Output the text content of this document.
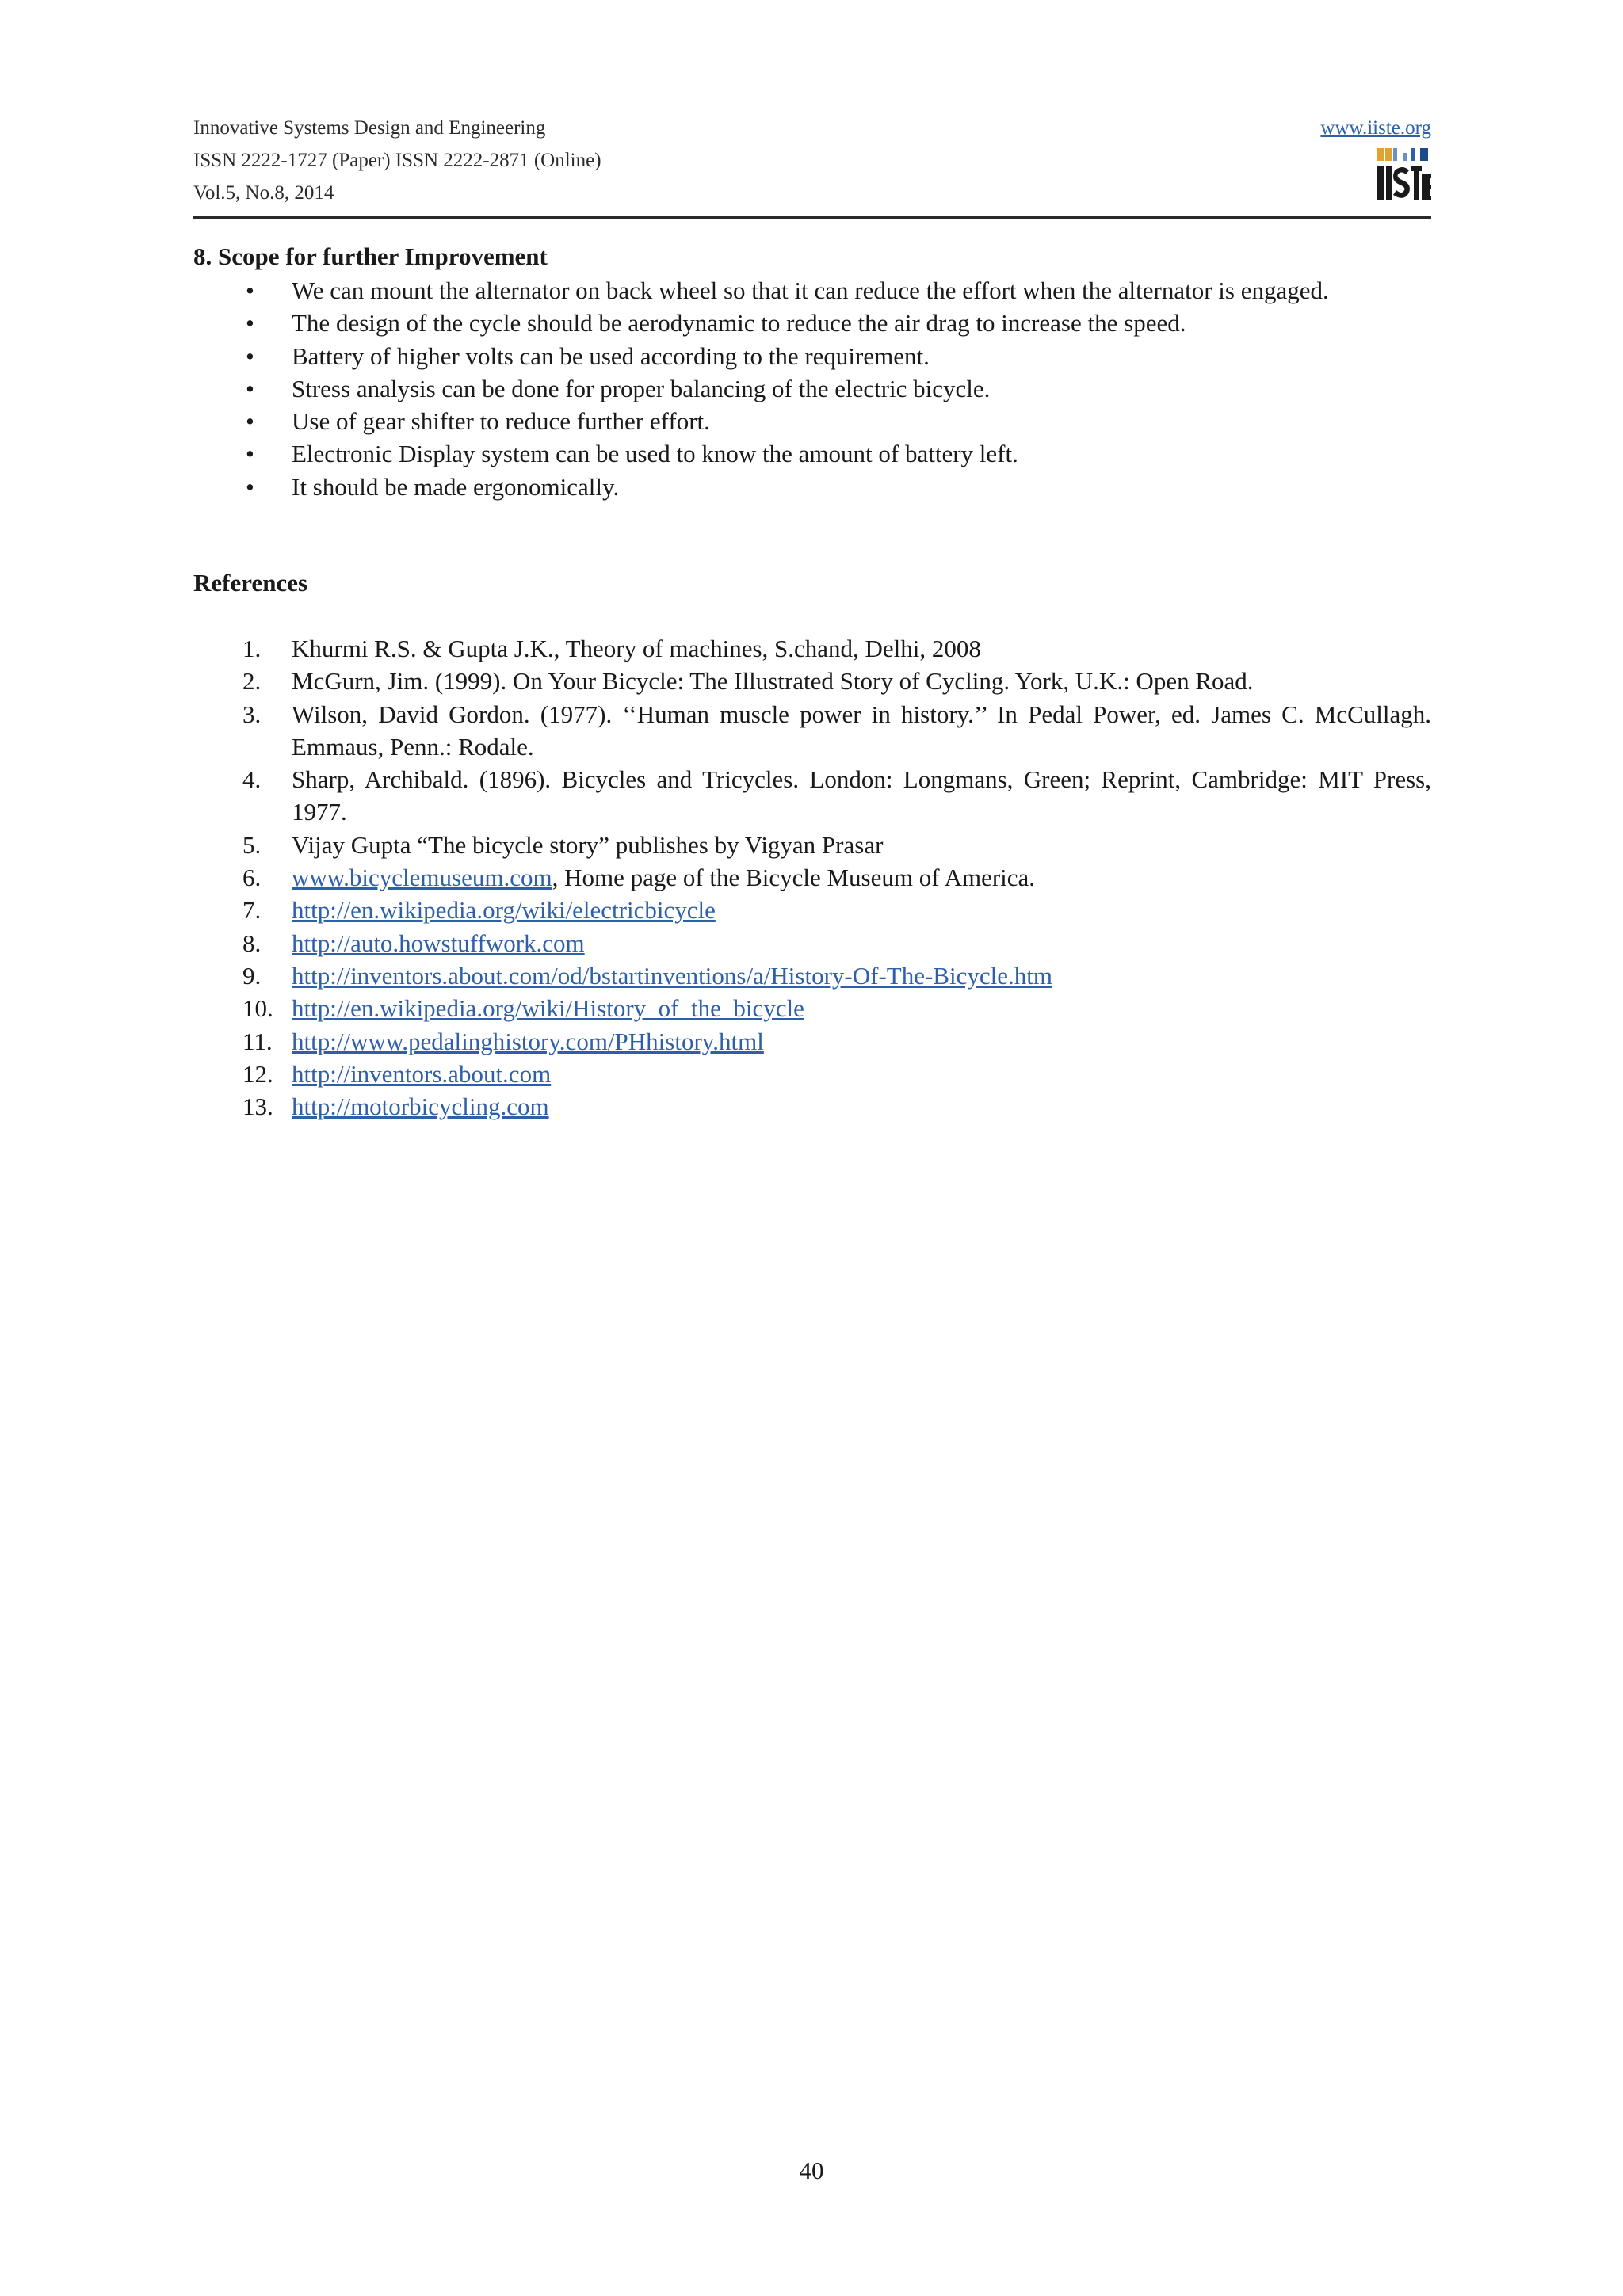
Innovative Systems Design and Engineering
ISSN 2222-1727 (Paper) ISSN 2222-2871 (Online)
Vol.5, No.8, 2014
www.iiste.org
8. Scope for further Improvement
• We can mount the alternator on back wheel so that it can reduce the effort when the alternator is engaged.
• The design of the cycle should be aerodynamic to reduce the air drag to increase the speed.
• Battery of higher volts can be used according to the requirement.
• Stress analysis can be done for proper balancing of the electric bicycle.
• Use of gear shifter to reduce further effort.
• Electronic Display system can be used to know the amount of battery left.
• It should be made ergonomically.
References
1. Khurmi R.S. & Gupta J.K., Theory of machines, S.chand, Delhi, 2008
2. McGurn, Jim. (1999). On Your Bicycle: The Illustrated Story of Cycling. York, U.K.: Open Road.
3. Wilson, David Gordon. (1977). ‘‘Human muscle power in history.’’ In Pedal Power, ed. James C. McCullagh. Emmaus, Penn.: Rodale.
4. Sharp, Archibald. (1896). Bicycles and Tricycles. London: Longmans, Green; Reprint, Cambridge: MIT Press, 1977.
5. Vijay Gupta “The bicycle story” publishes by Vigyan Prasar
6. www.bicyclemuseum.com, Home page of the Bicycle Museum of America.
7. http://en.wikipedia.org/wiki/electricbicycle
8. http://auto.howstuffwork.com
9. http://inventors.about.com/od/bstartinventions/a/History-Of-The-Bicycle.htm
10. http://en.wikipedia.org/wiki/History_of_the_bicycle
11. http://www.pedalinghistory.com/PHhistory.html
12. http://inventors.about.com
13. http://motorbicycling.com
40
